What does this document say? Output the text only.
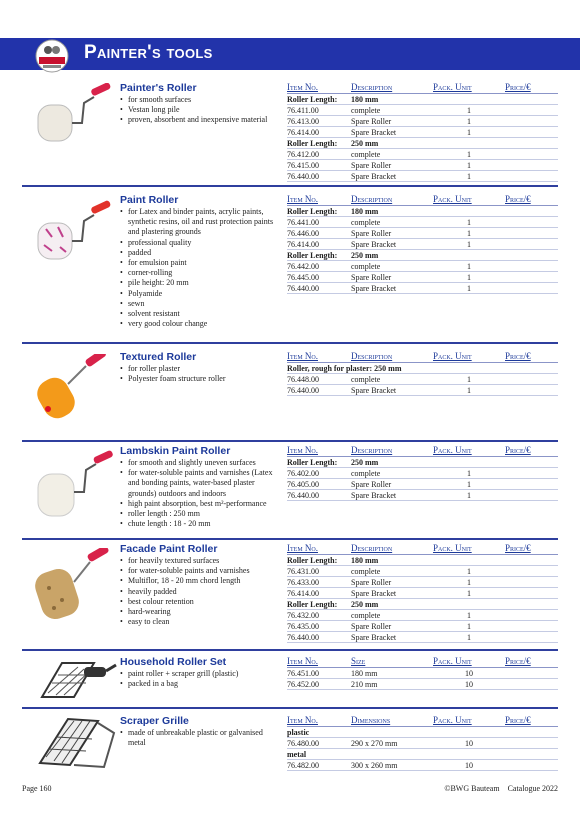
Painter's tools
Painter's Roller
• for smooth surfaces
• Vestan long pile
• proven, absorbent and inexpensive material
Item No.	Description	Pack. Unit	Price/€
Roller Length:	180 mm		
76.411.00	complete	1	
76.413.00	Spare Roller	1	
76.414.00	Spare Bracket	1	
Roller Length:	250 mm		
76.412.00	complete	1	
76.415.00	Spare Roller	1	
76.440.00	Spare Bracket	1	
Paint Roller
• for Latex and binder paints, acrylic paints, synthetic resins, oil and rust protection paints and plastering grounds
• professional quality
• padded
• for emulsion paint
• corner-rolling
• pile height: 20 mm
• Polyamide
• sewn
• solvent resistant
• very good colour change
Item No.	Description	Pack. Unit	Price/€
Roller Length:	180 mm		
76.441.00	complete	1	
76.446.00	Spare Roller	1	
76.414.00	Spare Bracket	1	
Roller Length:	250 mm		
76.442.00	complete	1	
76.445.00	Spare Roller	1	
76.440.00	Spare Bracket	1	
Textured Roller
• for roller plaster
• Polyester foam structure roller
Item No.	Description	Pack. Unit	Price/€
Roller, rough for plaster: 250 mm			
76.448.00	complete	1	
76.440.00	Spare Bracket	1	
Lambskin Paint Roller
• for smooth and slightly uneven surfaces
• for water-soluble paints and varnishes (Latex and bonding paints, water-based plaster grounds) outdoors and indoors
• high paint absorption, best m²-performance
• roller length : 250 mm
• chute length : 18 - 20 mm
Item No.	Description	Pack. Unit	Price/€
Roller Length:	250 mm		
76.402.00	complete	1	
76.405.00	Spare Roller	1	
76.440.00	Spare Bracket	1	
Facade Paint Roller
• for heavily textured surfaces
• for water-soluble paints and varnishes
• Multiflor, 18 - 20 mm chord length
• heavily padded
• best colour retention
• hard-wearing
• easy to clean
Item No.	Description	Pack. Unit	Price/€
Roller Length:	180 mm		
76.431.00	complete	1	
76.433.00	Spare Roller	1	
76.414.00	Spare Bracket	1	
Roller Length:	250 mm		
76.432.00	complete	1	
76.435.00	Spare Roller	1	
76.440.00	Spare Bracket	1	
Household Roller Set
• paint roller + scraper grill (plastic)
• packed in a bag
Item No.	Size	Pack. Unit	Price/€
76.451.00	180 mm	10	
76.452.00	210 mm	10	
Scraper Grille
• made of unbreakable plastic or galvanised metal
Item No.	Dimensions	Pack. Unit	Price/€
plastic			
76.480.00	290 x 270 mm	10	
metal			
76.482.00	300 x 260 mm	10	
Page 160	©BWG Bauteam    Catalogue 2022
